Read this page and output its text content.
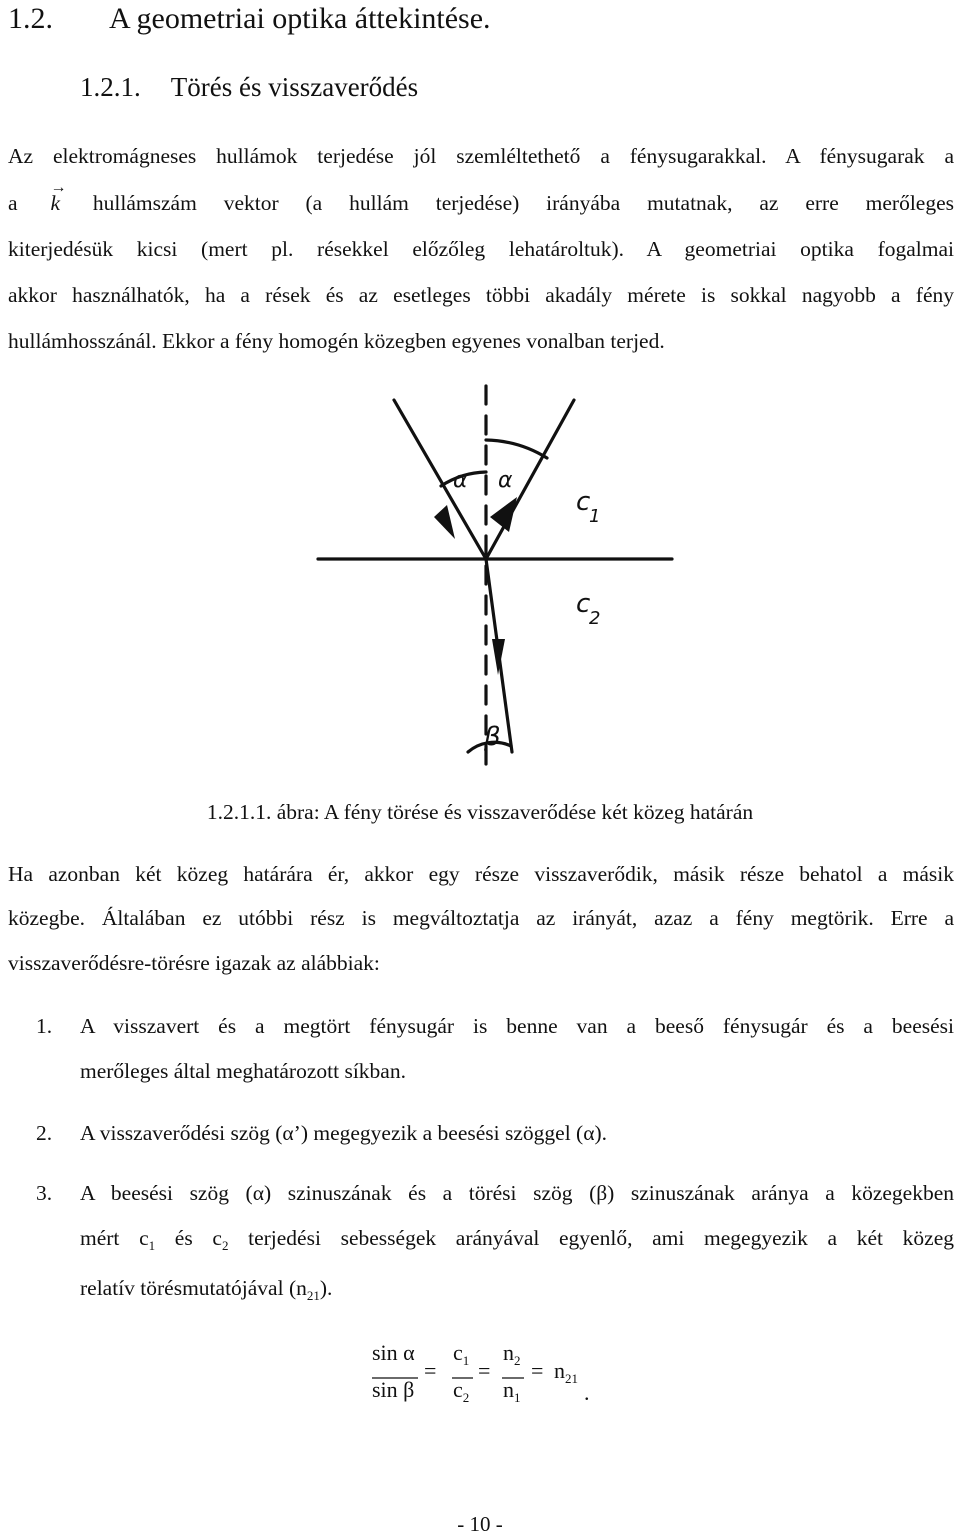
1.2. A geometriai optika áttekintése.
1.2.1. Törés és visszaverődés
Az elektromágneses hullámok terjedése jól szemléltethető a fénysugarakkal. A fénysugarak a
a
→
k hullámszám vektor (a hullám terjedése) irányába mutatnak, az erre merőleges
kiterjedésük kicsi (mert pl. résekkel előzőleg lehatároltuk). A geometriai optika fogalmai
akkor használhatók, ha a rések és az esetleges többi akadály mérete is sokkal nagyobb a fény
hullámhosszánál. Ekkor a fény homogén közegben egyenes vonalban terjed.
α α
c
1
c
2
β
1.2.1.1. ábra: A fény törése és visszaverődése két közeg határán
Ha azonban két közeg határára ér, akkor egy része visszaverődik, másik része behatol a másik
közegbe. Általában ez utóbbi rész is megváltoztatja az irányát, azaz a fény megtörik. Erre a
visszaverődésre-törésre igazak az alábbiak:
1. A visszavert és a megtört fénysugár is benne van a beeső fénysugár és a beesési
merőleges által meghatározott síkban.
2. A visszaverődési szög (α’) megegyezik a beesési szöggel (α).
3. A beesési szög (α) szinuszának és a törési szög (β) szinuszának aránya a közegekben
mért $c_1$ és $c_2$ terjedési sebességek arányával egyenlő, ami megegyezik a két közeg
relatív törésmutatójával $(n_{21})$.
sin α
sin β
=
$c_1$
$c_2$
=
$n_2$
$n_1$
= $n_{21}$
.
- 10 -
